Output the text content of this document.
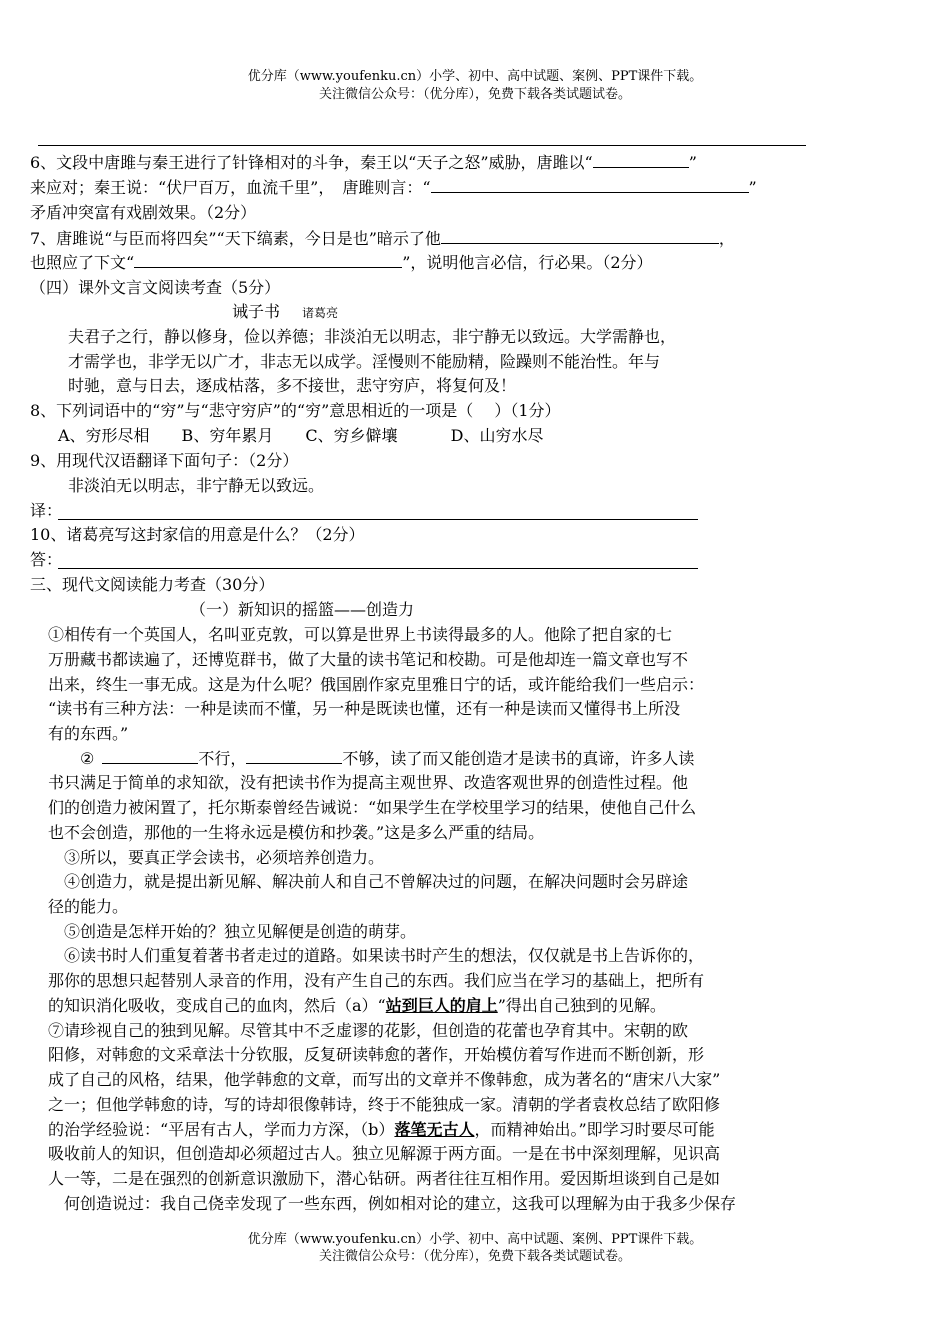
优分库（www.youfenku.cn）小学、初中、高中试题、案例、PPT课件下载。
关注微信公众号：（优分库），免费下载各类试题试卷。
6、文段中唐雎与秦王进行了针锋相对的斗争，秦王以“天子之怒”威胁，唐雎以“	”
来应对；秦王说：“伏尸百万，血流千里”，　唐雎则言：“	”
矛盾冲突富有戏剧效果。（2分）
7、唐雎说“与臣而将四矣”“天下缟素，今日是也”暗示了他	，
也照应了下文“	”，说明他言必信，行必果。（2分）
（四）课外文言文阅读考查（5分）
诫子书 诸葛亮
夫君子之行，静以修身，俭以养德；非淡泊无以明志，非宁静无以致远。大学需静也，
才需学也，非学无以广才，非志无以成学。淫慢则不能励精，险躁则不能治性。年与
时驰，意与日去，逐成枯落，多不接世，悲守穷庐，将复何及！
8、下列词语中的“穷”与“悲守穷庐”的“穷”意思相近的一项是（　 ）（1分）
A、穷形尽相　　B、穷年累月　　C、穷乡僻壤　　　 D、山穷水尽
9、用现代汉语翻译下面句子：（2分）
非淡泊无以明志，非宁静无以致远。
译：
10、诸葛亮写这封家信的用意是什么？（2分）
答：
三、现代文阅读能力考查（30分）
（一）新知识的摇篮——创造力
①相传有一个英国人，名叫亚克敦，可以算是世界上书读得最多的人。他除了把自家的七
万册藏书都读遍了，还博览群书，做了大量的读书笔记和校勘。可是他却连一篇文章也写不
出来，终生一事无成。这是为什么呢？俄国剧作家克里雅日宁的话，或许能给我们一些启示：
“读书有三种方法：一种是读而不懂，另一种是既读也懂，还有一种是读而又懂得书上所没
有的东西。”
②	不行，	不够，读了而又能创造才是读书的真谛，许多人读
书只满足于简单的求知欲，没有把读书作为提高主观世界、改造客观世界的创造性过程。他
们的创造力被闲置了，托尔斯泰曾经告诫说：“如果学生在学校里学习的结果，使他自己什么
也不会创造，那他的一生将永远是模仿和抄袭。”这是多么严重的结局。
③所以，要真正学会读书，必须培养创造力。
④创造力，就是提出新见解、解决前人和自己不曾解决过的问题，在解决问题时会另辟途
径的能力。
⑤创造是怎样开始的？独立见解便是创造的萌芽。
⑥读书时人们重复着著书者走过的道路。如果读书时产生的想法，仅仅就是书上告诉你的，
那你的思想只起替别人录音的作用，没有产生自己的东西。我们应当在学习的基础上，把所有
的知识消化吸收，变成自己的血肉，然后（a）“站到巨人的肩上”得出自己独到的见解。
⑦请珍视自己的独到见解。尽管其中不乏虚谬的花影，但创造的花蕾也孕育其中。宋朝的欧
阳修，对韩愈的文采章法十分钦服，反复研读韩愈的著作，开始模仿着写作进而不断创新，形
成了自己的风格，结果，他学韩愈的文章，而写出的文章并不像韩愈，成为著名的“唐宋八大家”
之一；但他学韩愈的诗，写的诗却很像韩诗，终于不能独成一家。清朝的学者袁枚总结了欧阳修
的治学经验说：“平居有古人，学而力方深，（b）落笔无古人，而精神始出。”即学习时要尽可能
吸收前人的知识，但创造却必须超过古人。独立见解源于两方面。一是在书中深刻理解，见识高
人一等，二是在强烈的创新意识激励下，潜心钻研。两者往往互相作用。爱因斯坦谈到自己是如
何创造说过：我自己侥幸发现了一些东西，例如相对论的建立，这我可以理解为由于我多少保存
优分库（www.youfenku.cn）小学、初中、高中试题、案例、PPT课件下载。
关注微信公众号：（优分库），免费下载各类试题试卷。
